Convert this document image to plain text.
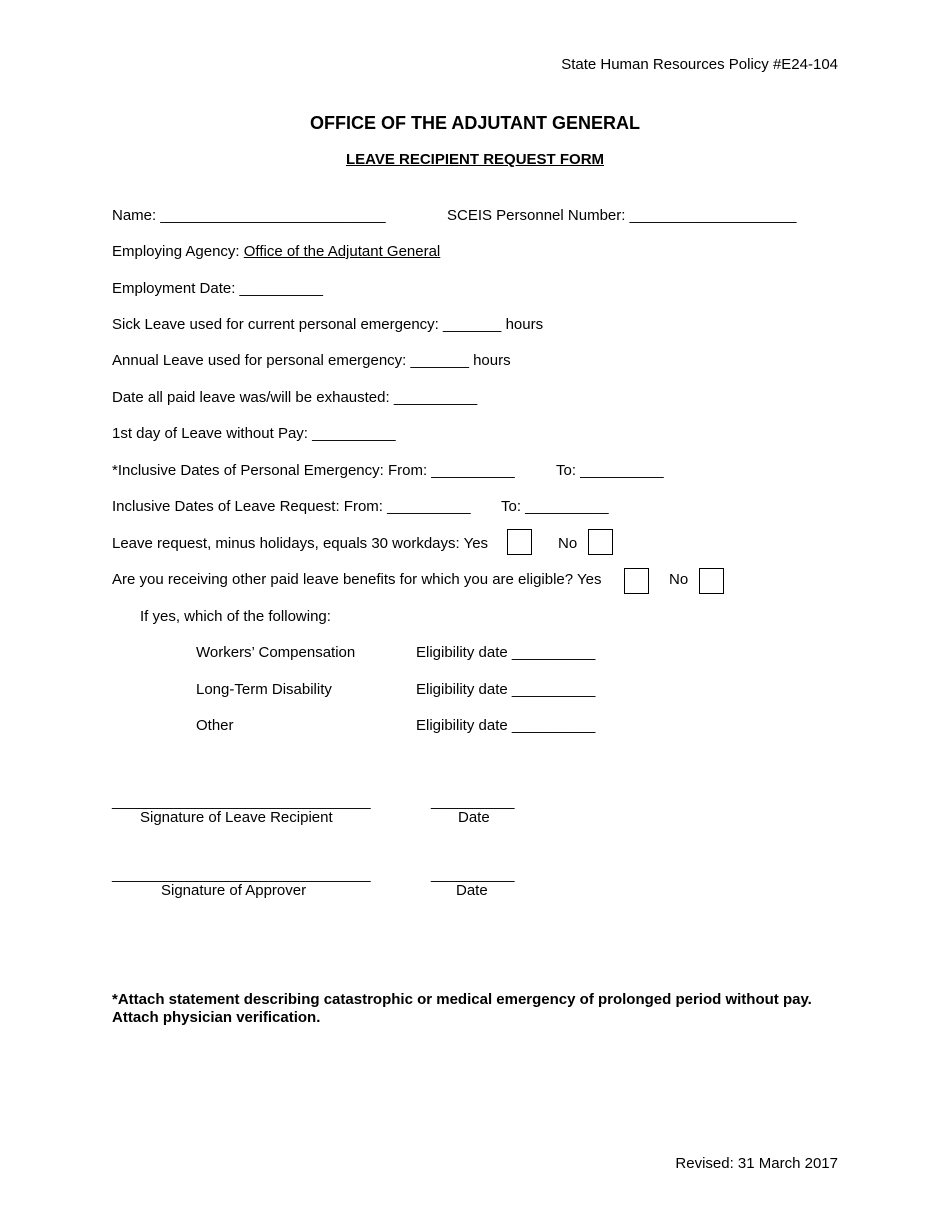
State Human Resources Policy #E24-104
OFFICE OF THE ADJUTANT GENERAL
LEAVE RECIPIENT REQUEST FORM
Name: ___________________________	SCEIS Personnel Number: ____________________
Employing Agency: Office of the Adjutant General
Employment Date: __________
Sick Leave used for current personal emergency: _______ hours
Annual Leave used for personal emergency: _______ hours
Date all paid leave was/will be exhausted: __________
1st day of Leave without Pay: __________
*Inclusive Dates of Personal Emergency: From: __________	To: __________
Inclusive Dates of Leave Request: From: __________ To: __________
Leave request, minus holidays, equals 30 workdays: Yes	No
Are you receiving other paid leave benefits for which you are eligible? Yes	No
If yes, which of the following:
Workers’ Compensation	Eligibility date __________
Long-Term Disability	Eligibility date __________
Other	Eligibility date __________
_______________________________	__________
Signature of Leave Recipient	Date
_______________________________	__________
Signature of Approver	Date
*Attach statement describing catastrophic or medical emergency of prolonged period without pay.
Attach physician verification.
Revised: 31 March 2017
